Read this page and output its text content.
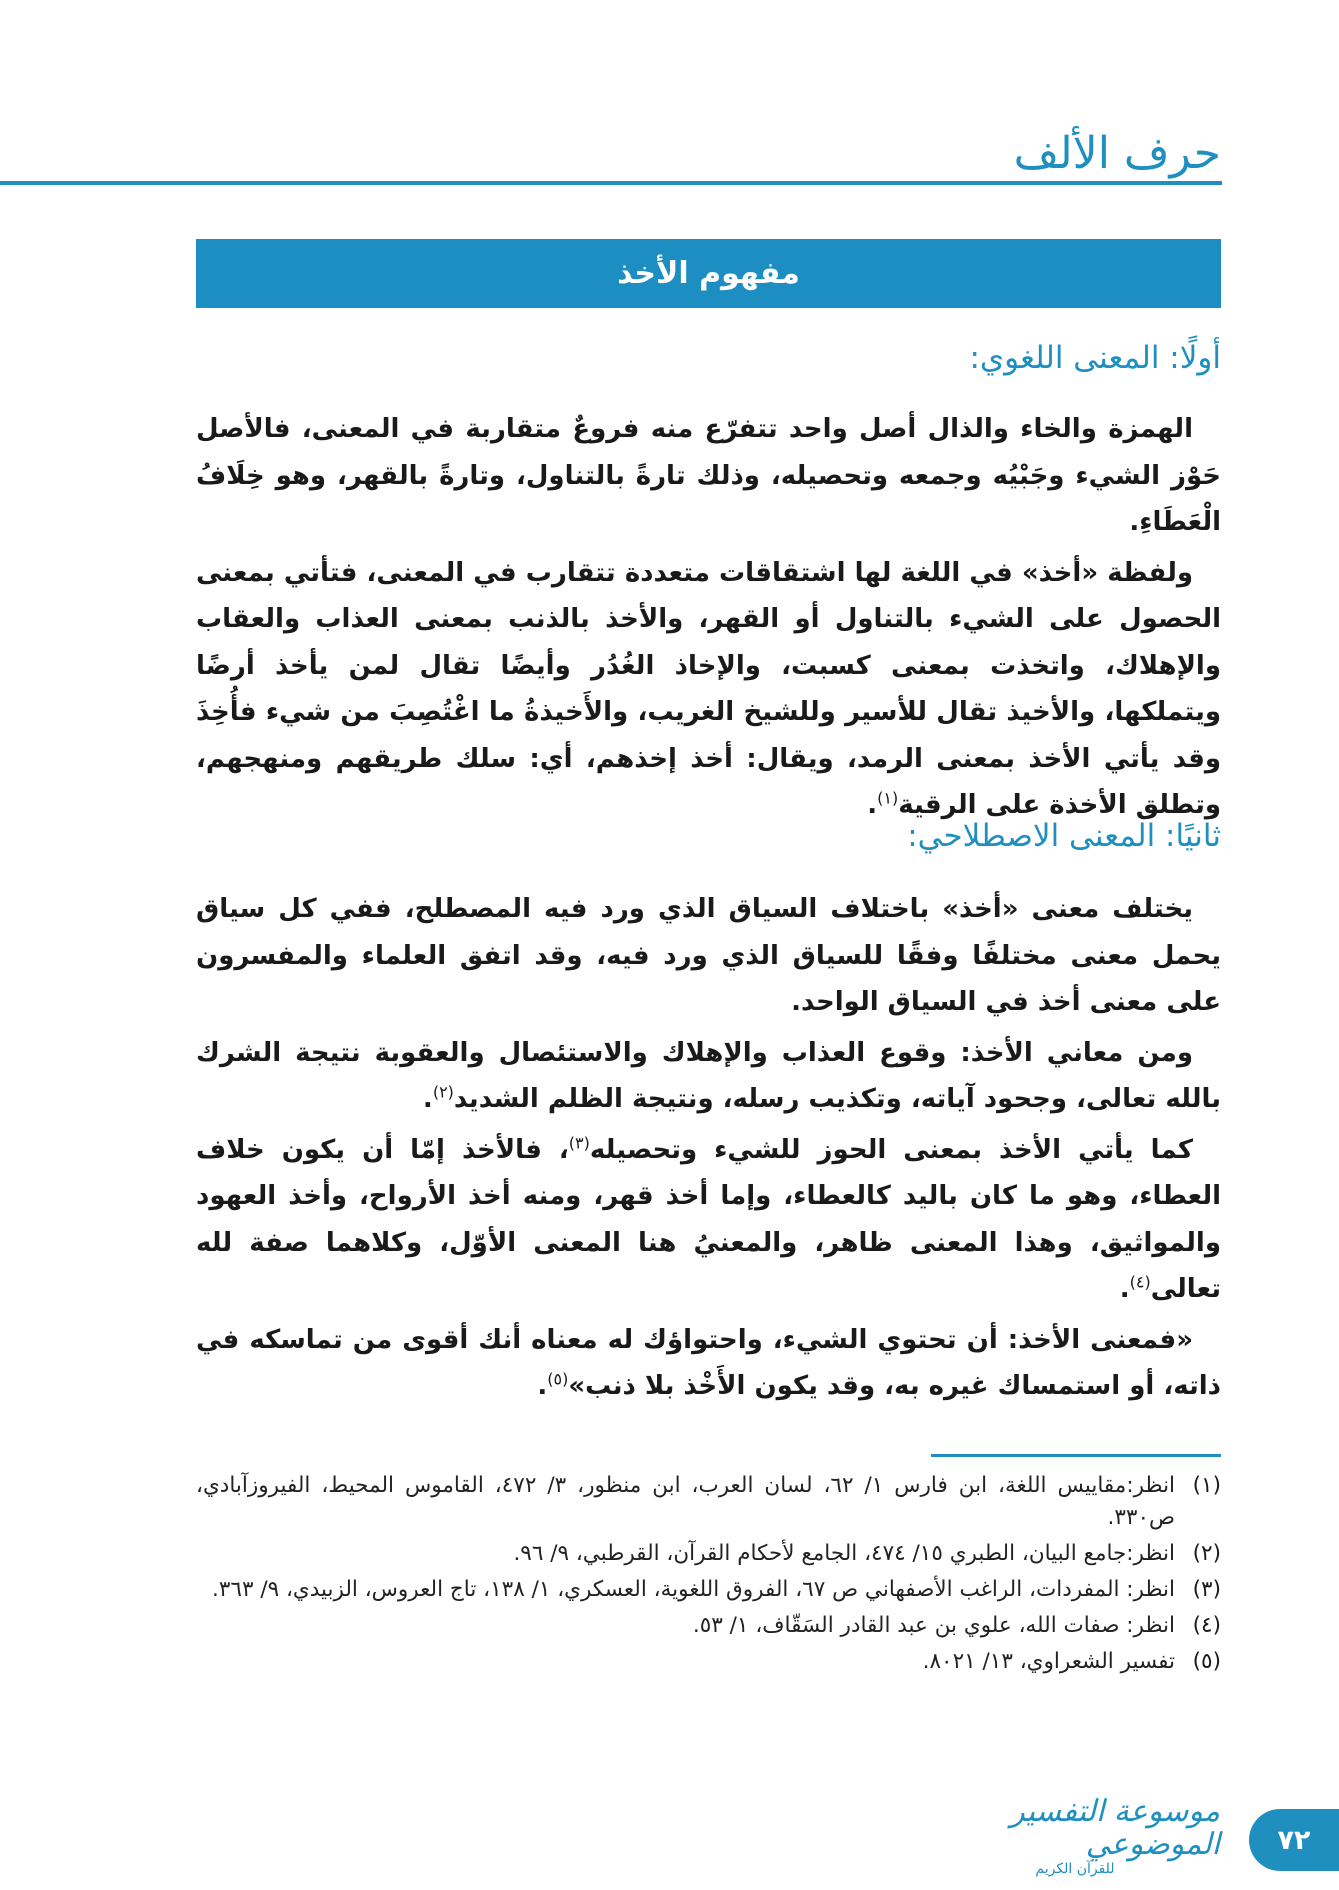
حرف الألف
مفهوم الأخذ
أولًا: المعنى اللغوي:

الهمزة والخاء والذال أصل واحد تتفرّع منه فروعٌ متقاربة في المعنى، فالأصل حَوْز الشيء وجَبْيُه وجمعه وتحصيله، وذلك تارةً بالتناول، وتارةً بالقهر، وهو خِلَافُ الْعَطَاءِ.

ولفظة «أخذ» في اللغة لها اشتقاقات متعددة تتقارب في المعنى، فتأتي بمعنى الحصول على الشيء بالتناول أو القهر، والأخذ بالذنب بمعنى العذاب والعقاب والإهلاك، واتخذت بمعنى كسبت، والإخاذ الغُدُر وأيضًا تقال لمن يأخذ أرضًا ويتملكها، والأخيذ تقال للأسير وللشيخ الغريب، والأَخيذةُ ما اغْتُصِبَ من شيء فأُخِذَ وقد يأتي الأخذ بمعنى الرمد، ويقال: أخذ إخذهم، أي: سلك طريقهم ومنهجهم، وتطلق الأخذة على الرقية$^{(١)}$.

ثانيًا: المعنى الاصطلاحي:

يختلف معنى «أخذ» باختلاف السياق الذي ورد فيه المصطلح، ففي كل سياق يحمل معنى مختلفًا وفقًا للسياق الذي ورد فيه، وقد اتفق العلماء والمفسرون على معنى أخذ في السياق الواحد.

ومن معاني الأخذ: وقوع العذاب والإهلاك والاستئصال والعقوبة نتيجة الشرك بالله تعالى، وجحود آياته، وتكذيب رسله، ونتيجة الظلم الشديد$^{(٢)}$.

كما يأتي الأخذ بمعنى الحوز للشيء وتحصيله$^{(٣)}$، فالأخذ إمّا أن يكون خلاف العطاء، وهو ما كان باليد كالعطاء، وإما أخذ قهر، ومنه أخذ الأرواح، وأخذ العهود والمواثيق، وهذا المعنى ظاهر، والمعنيُ هنا المعنى الأوّل، وكلاهما صفة لله تعالى$^{(٤)}$.

«فمعنى الأخذ: أن تحتوي الشيء، واحتواؤك له معناه أنك أقوى من تماسكه في ذاته، أو استمساك غيره به، وقد يكون الأَخْذ بلا ذنب»$^{(٥)}$.

(١)
انظر:مقاييس اللغة، ابن فارس ١/ ٦٢، لسان العرب، ابن منظور، ٣/ ٤٧٢، القاموس المحيط، الفيروزآبادي، ص٣٣٠.
(٢)
انظر:جامع البيان، الطبري ١٥/ ٤٧٤، الجامع لأحكام القرآن، القرطبي، ٩/ ٩٦.
(٣)
انظر: المفردات، الراغب الأصفهاني ص ٦٧، الفروق اللغوية، العسكري، ١/ ١٣٨، تاج العروس، الزبيدي، ٩/ ٣٦٣.
(٤)
انظر: صفات الله، علوي بن عبد القادر السَقّاف، ١/ ٥٣.
(٥)
تفسير الشعراوي، ١٣/ ٨٠٢١.
موسوعة التفسير الموضوعي
للقرآن الكريم
٧٢
